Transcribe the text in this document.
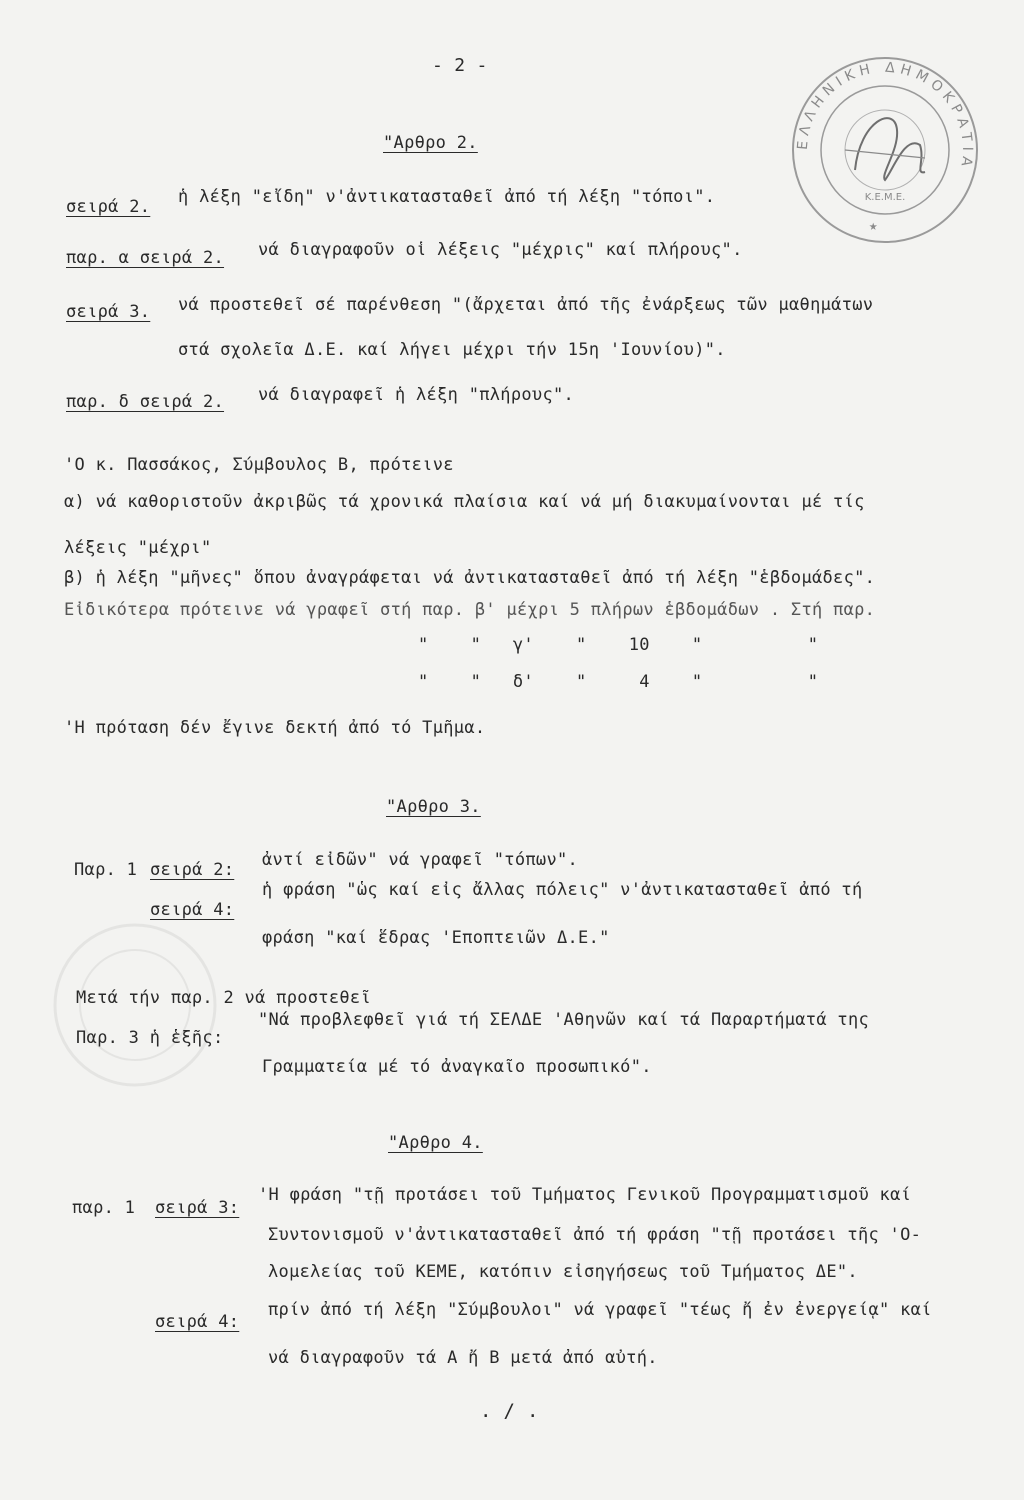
- 2 -
ΕΛΛΗΝΙΚΗ ΔΗΜΟΚΡΑΤΙΑ
Κ.Ε.Μ.Ε.
★
"Αρθρο 2.
σειρά 2. ἡ λέξη "εἴδη" ν'ἀντικατασταθεῖ ἀπό τή λέξη "τόποι".
παρ. α σειρά 2. νά διαγραφοῦν οἱ λέξεις "μέχρις" καί πλήρους".
σειρά 3. νά προστεθεῖ σέ παρένθεση "(ἄρχεται ἀπό τῆς ἐνάρξεως τῶν μαθημάτων
στά σχολεῖα Δ.Ε. καί λήγει μέχρι τήν 15η 'Ιουνίου)".
παρ. δ σειρά 2. νά διαγραφεῖ ἡ λέξη "πλήρους".
'Ο κ. Πασσάκος, Σύμβουλος Β, πρότεινε
α) νά καθοριστοῦν ἀκριβῶς τά χρονικά πλαίσια καί νά μή διακυμαίνονται μέ τίς
λέξεις "μέχρι"
β) ἡ λέξη "μῆνες" ὅπου ἀναγράφεται νά ἀντικατασταθεῖ ἀπό τή λέξη "ἑβδομάδες".
Εἰδικότερα πρότεινε νά γραφεῖ στή παρ. β' μέχρι 5 πλήρων ἑβδομάδων . Στή παρ.
"    "   γ'    "    10    "          "
"    "   δ'    "     4    "          "
'Η πρόταση δέν ἔγινε δεκτή ἀπό τό Τμῆμα.
"Αρθρο 3.
Παρ. 1 σειρά 2: ἀντί εἰδῶν" νά γραφεῖ "τόπων".
σειρά 4:
ἡ φράση "ὡς καί εἰς ἄλλας πόλεις" ν'ἀντικατασταθεῖ ἀπό τή
φράση "καί ἕδρας 'Εποπτειῶν Δ.Ε."
Μετά τήν παρ. 2 νά προστεθεῖ
Παρ. 3 ἡ ἑξῆς:
"Νά προβλεφθεῖ γιά τή ΣΕΛΔΕ 'Αθηνῶν καί τά Παραρτήματά της
Γραμματεία μέ τό ἀναγκαῖο προσωπικό".
"Αρθρο 4.
παρ. 1 σειρά 3:
'Η φράση "τῇ προτάσει τοῦ Τμήματος Γενικοῦ Προγραμματισμοῦ καί
Συντονισμοῦ ν'ἀντικατασταθεῖ ἀπό τή φράση "τῇ προτάσει τῆς 'Ο-
λομελείας τοῦ ΚΕΜΕ, κατόπιν εἰσηγήσεως τοῦ Τμήματος ΔΕ".
σειρά 4:
πρίν ἀπό τή λέξη "Σύμβουλοι" νά γραφεῖ "τέως ἤ ἐν ἐνεργείᾳ" καί
νά διαγραφοῦν τά Α ἤ Β μετά ἀπό αὐτή.
. / .
